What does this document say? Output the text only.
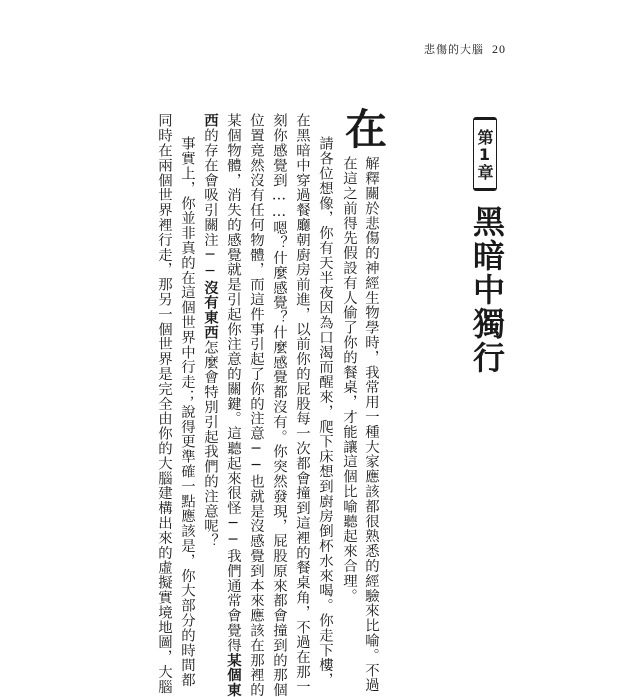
悲傷的大腦 20
第1章
黑暗中獨行
在
解釋關於悲傷的神經生物學時，我常用一種大家應該都很熟悉的經驗來比喻。不過
在這之前得先假設有人偷了你的餐桌，才能讓這個比喻聽起來合理。
請各位想像，你有天半夜因為口渴而醒來，爬下床想到廚房倒杯水來喝。你走下樓，
在黑暗中穿過餐廳朝廚房前進，以前你的屁股每一次都會撞到這裡的餐桌角，不過在那一
刻你感覺到……嗯？什麼感覺？什麼感覺都沒有。你突然發現，屁股原來都會撞到的那個
位置竟然沒有任何物體，而這件事引起了你的注意──也就是沒感覺到本來應該在那裡的
某個物體，消失的感覺就是引起你注意的關鍵。這聽起來很怪──我們通常會覺得某個東
西的存在會吸引關注──沒有東西怎麼會特別引起我們的注意呢？
事實上，你並非真的在這個世界中行走；說得更準確一點應該是，你大部分的時間都
同時在兩個世界裡行走，那另一個世界是完全由你的大腦建構出來的虛擬實境地圖，大腦
